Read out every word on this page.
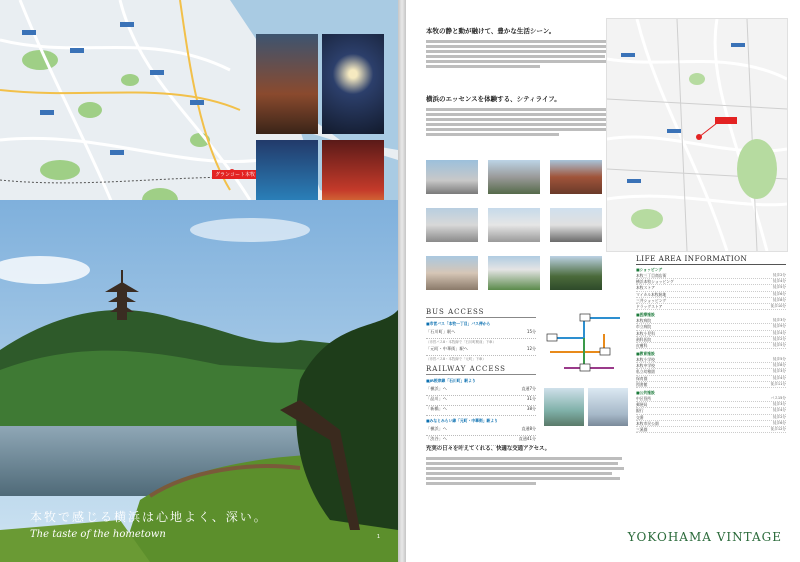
グランコート本牧
本牧で感じる横浜は心地よく、深い。
The taste of the hometown	1
本牧の静と動が融けて、豊かな生活シーン。
横浜のエッセンスを体験する、シティライフ。
BUS ACCESS
■市営バス「本牧一丁目」バス停から
「石川町」駅へ	15分
（市営バス8・本牧線で「石川町駅前」下車）
「元町・中華街」駅へ	12分
（市営バス8・本牧線で「元町」下車）
RAILWAY ACCESS
■JR根岸線「石川町」駅より
「横浜」へ	直通7分
「品川」へ	31分
「新橋」へ	38分
■みなとみらい線「元町・中華街」駅より
「横浜」へ	直通8分
「渋谷」へ	直通41分
充実の日々を叶えてくれる、快適な交通アクセス。
LIFE AREA INFORMATION
■ショッピング
本牧三丁目商店街	徒歩2分
横浜本牧ショッピング	徒歩4分
本牧ストア	徒歩5分
マイカル本牧跡地	徒歩6分
三井ショッピング	徒歩8分
ドラッグストア	徒歩10分
■医療施設
本牧病院	徒歩3分
市立病院	徒歩9分
本牧小児科	徒歩4分
歯科医院	徒歩2分
皮膚科	徒歩5分
■教育施設
本牧小学校	徒歩5分
本牧中学校	徒歩8分
私立幼稚園	徒歩3分
保育園	徒歩4分
図書館	徒歩11分
■公共施設
中区役所	バス15分
郵便局	徒歩3分
銀行	徒歩4分
交番	徒歩2分
本牧市民公園	徒歩6分
三溪園	徒歩12分
YOKOHAMA VINTAGE
